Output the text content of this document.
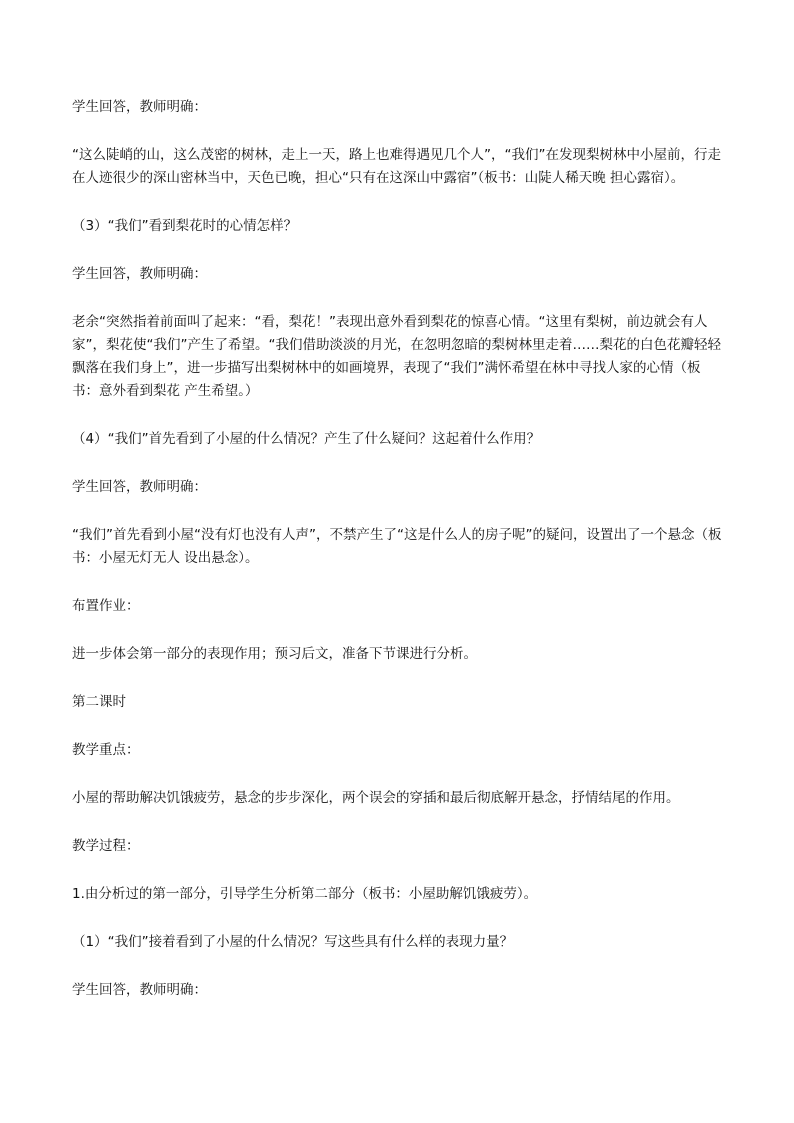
学生回答，教师明确：

“这么陡峭的山，这么茂密的树林，走上一天，路上也难得遇见几个人”，“我们”在发现梨树林中小屋前，行走在人迹很少的深山密林当中，天色已晚，担心“只有在这深山中露宿”（板书：山陡人稀天晚 担心露宿）。

（3）“我们”看到梨花时的心情怎样？

学生回答，教师明确：

老余“突然指着前面叫了起来：“看，梨花！”表现出意外看到梨花的惊喜心情。“这里有梨树，前边就会有人家”，梨花使“我们”产生了希望。“我们借助淡淡的月光，在忽明忽暗的梨树林里走着……梨花的白色花瓣轻轻飘落在我们身上”，进一步描写出梨树林中的如画境界，表现了“我们”满怀希望在林中寻找人家的心情（板书：意外看到梨花 产生希望。）

（4）“我们”首先看到了小屋的什么情况？产生了什么疑问？这起着什么作用？

学生回答，教师明确：

“我们”首先看到小屋“没有灯也没有人声”，不禁产生了“这是什么人的房子呢”的疑问，设置出了一个悬念（板书：小屋无灯无人 设出悬念）。

布置作业：

进一步体会第一部分的表现作用；预习后文，准备下节课进行分析。

第二课时

教学重点：

小屋的帮助解决饥饿疲劳，悬念的步步深化，两个误会的穿插和最后彻底解开悬念，抒情结尾的作用。

教学过程：

1.由分析过的第一部分，引导学生分析第二部分（板书：小屋助解饥饿疲劳）。

（1）“我们”接着看到了小屋的什么情况？写这些具有什么样的表现力量？

学生回答，教师明确：
